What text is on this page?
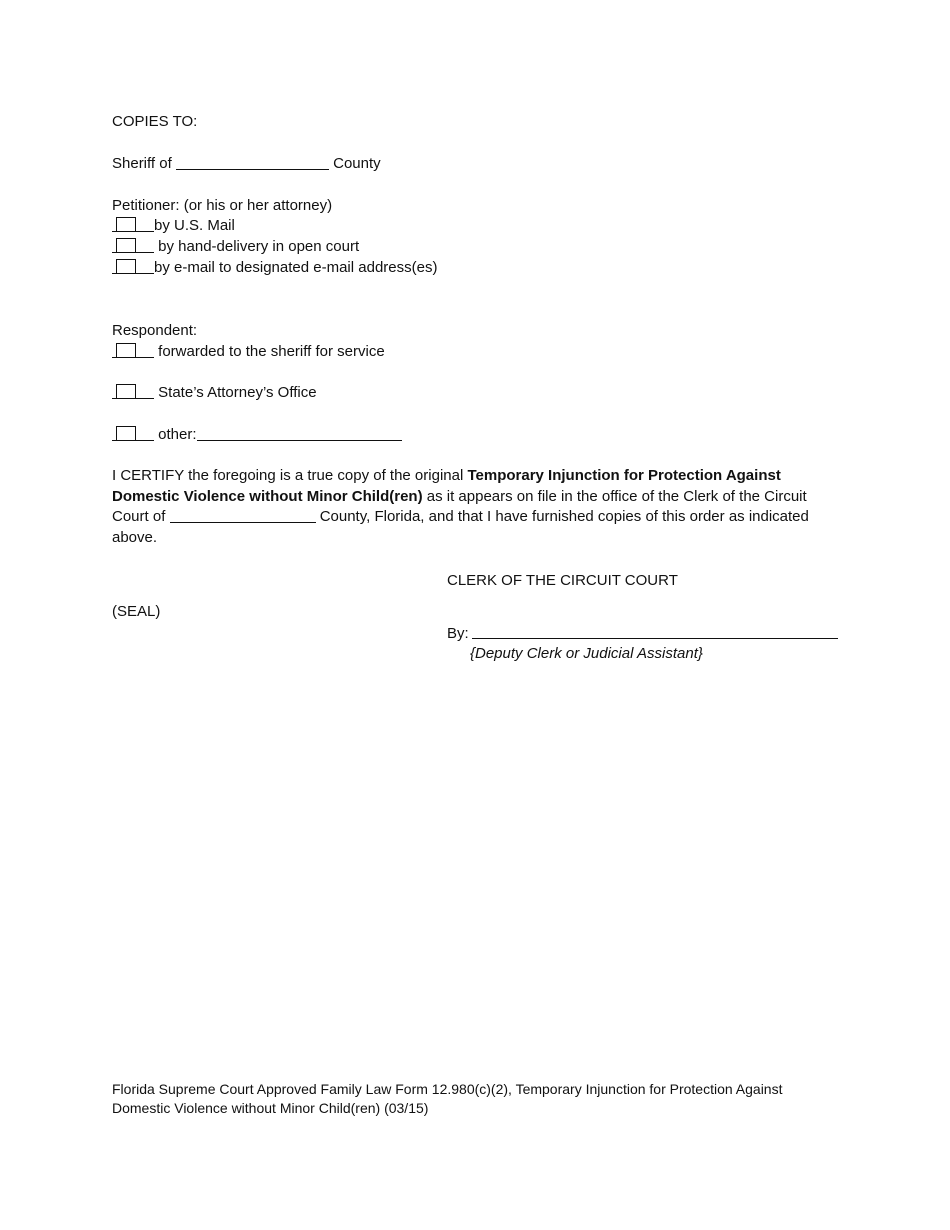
COPIES TO:
Sheriff of	County
Petitioner: (or his or her attorney)
by U.S. Mail
by hand-delivery in open court
by e-mail to designated e-mail address(es)
Respondent:
forwarded to the sheriff for service
State’s Attorney’s Office
other:
I CERTIFY the foregoing is a true copy of the original Temporary Injunction for Protection Against Domestic Violence without Minor Child(ren) as it appears on file in the office of the Clerk of the Circuit Court of	County, Florida, and that I have furnished copies of this order as indicated above.
CLERK OF THE CIRCUIT COURT
(SEAL)
By:
{Deputy Clerk or Judicial Assistant}
Florida Supreme Court Approved Family Law Form 12.980(c)(2), Temporary Injunction for Protection Against
Domestic Violence without Minor Child(ren) (03/15)
